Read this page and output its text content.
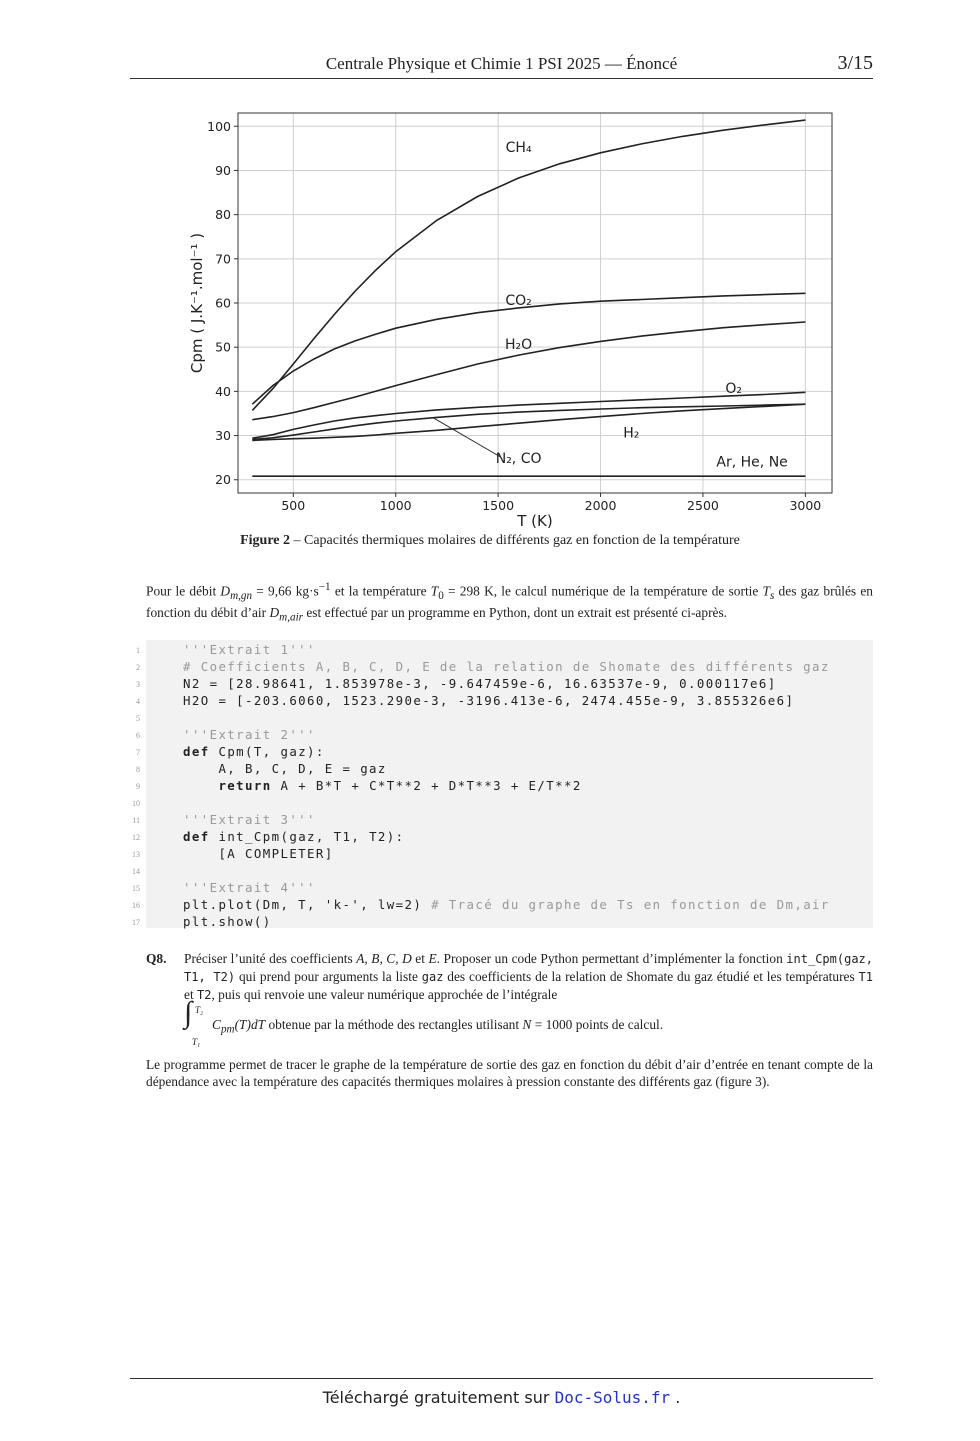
Centrale Physique et Chimie 1 PSI 2025 — Énoncé	3/15
500	1000	1500	2000	2500	3000
20
30
40
50
60
70
80
90
100
T (K)
Cpm ( J.K⁻¹.mol⁻¹ )
CH₄
CO₂
H₂O
O₂
H₂
N₂, CO	Ar, He, Ne
Figure 2 – Capacités thermiques molaires de différents gaz en fonction de la température
Pour le débit $D_{m,gn} = 9,66$ $kg\cdot s^{-1}$ et la température $T_0 = 298$ K, le calcul numérique de la température de sortie $T_s$ des gaz brûlés en fonction du débit d’air $D_{m,air}$ est effectué par un programme en Python, dont un extrait est présenté ci-après.
1	'''Extrait 1'''
2	# Coefficients A, B, C, D, E de la relation de Shomate des différents gaz
3	N2 = [28.98641, 1.853978e-3, -9.647459e-6, 16.63537e-9, 0.000117e6]
4	H2O = [-203.6060, 1523.290e-3, -3196.413e-6, 2474.455e-9, 3.855326e6]
5
6	'''Extrait 2'''
7	def Cpm(T, gaz):
8	A, B, C, D, E = gaz
9	return A + B*T + C*T**2 + D*T**3 + E/T**2
10
11	'''Extrait 3'''
12	def int_Cpm(gaz, T1, T2):
13	[A COMPLETER]
14
15	'''Extrait 4'''
16	plt.plot(Dm, T, 'k-', lw=2) # Tracé du graphe de Ts en fonction de Dm,air
17	plt.show()
Q8. Préciser l’unité des coefficients A, B, C, D et E. Proposer un code Python permettant d’implémenter la fonction int_Cpm(gaz, T1, T2) qui prend pour arguments la liste gaz des coefficients de la relation de Shomate du gaz étudié et les températures T1 et T2, puis qui renvoie une valeur numérique approchée de l’intégrale
∫ T₂
T₁
$C_{pm}(T)dT$ obtenue par la méthode des rectangles utilisant N = 1000 points de calcul.
Le programme permet de tracer le graphe de la température de sortie des gaz en fonction du débit d’air d’entrée en tenant compte de la dépendance avec la température des capacités thermiques molaires à pression constante des différents gaz (figure 3).
Téléchargé gratuitement sur Doc-Solus.fr .
